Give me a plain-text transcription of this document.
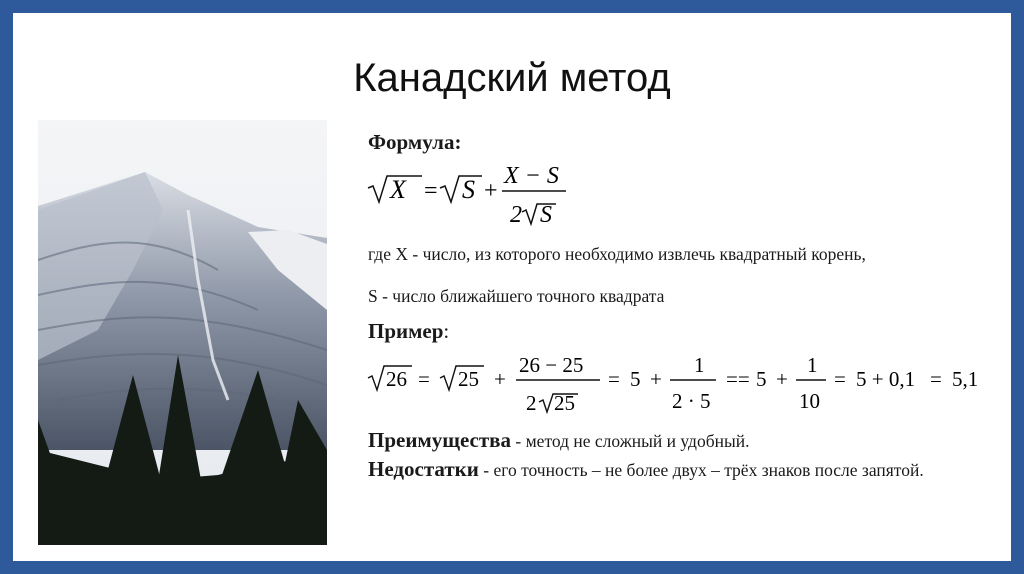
Канадский метод
Формула:
X = S +
X − S
2 S
где X - число, из которого необходимо извлечь квадратный корень,
S - число ближайшего точного квадрата
Пример:
26 = 25 +
26 − 25
2 25
= 5 +
1
2 · 5
== 5 +
1
10
= 5 + 0,1 = 5,1
Преимущества - метод не сложный и удобный.
Недостатки - его точность – не более двух – трёх знаков после запятой.
